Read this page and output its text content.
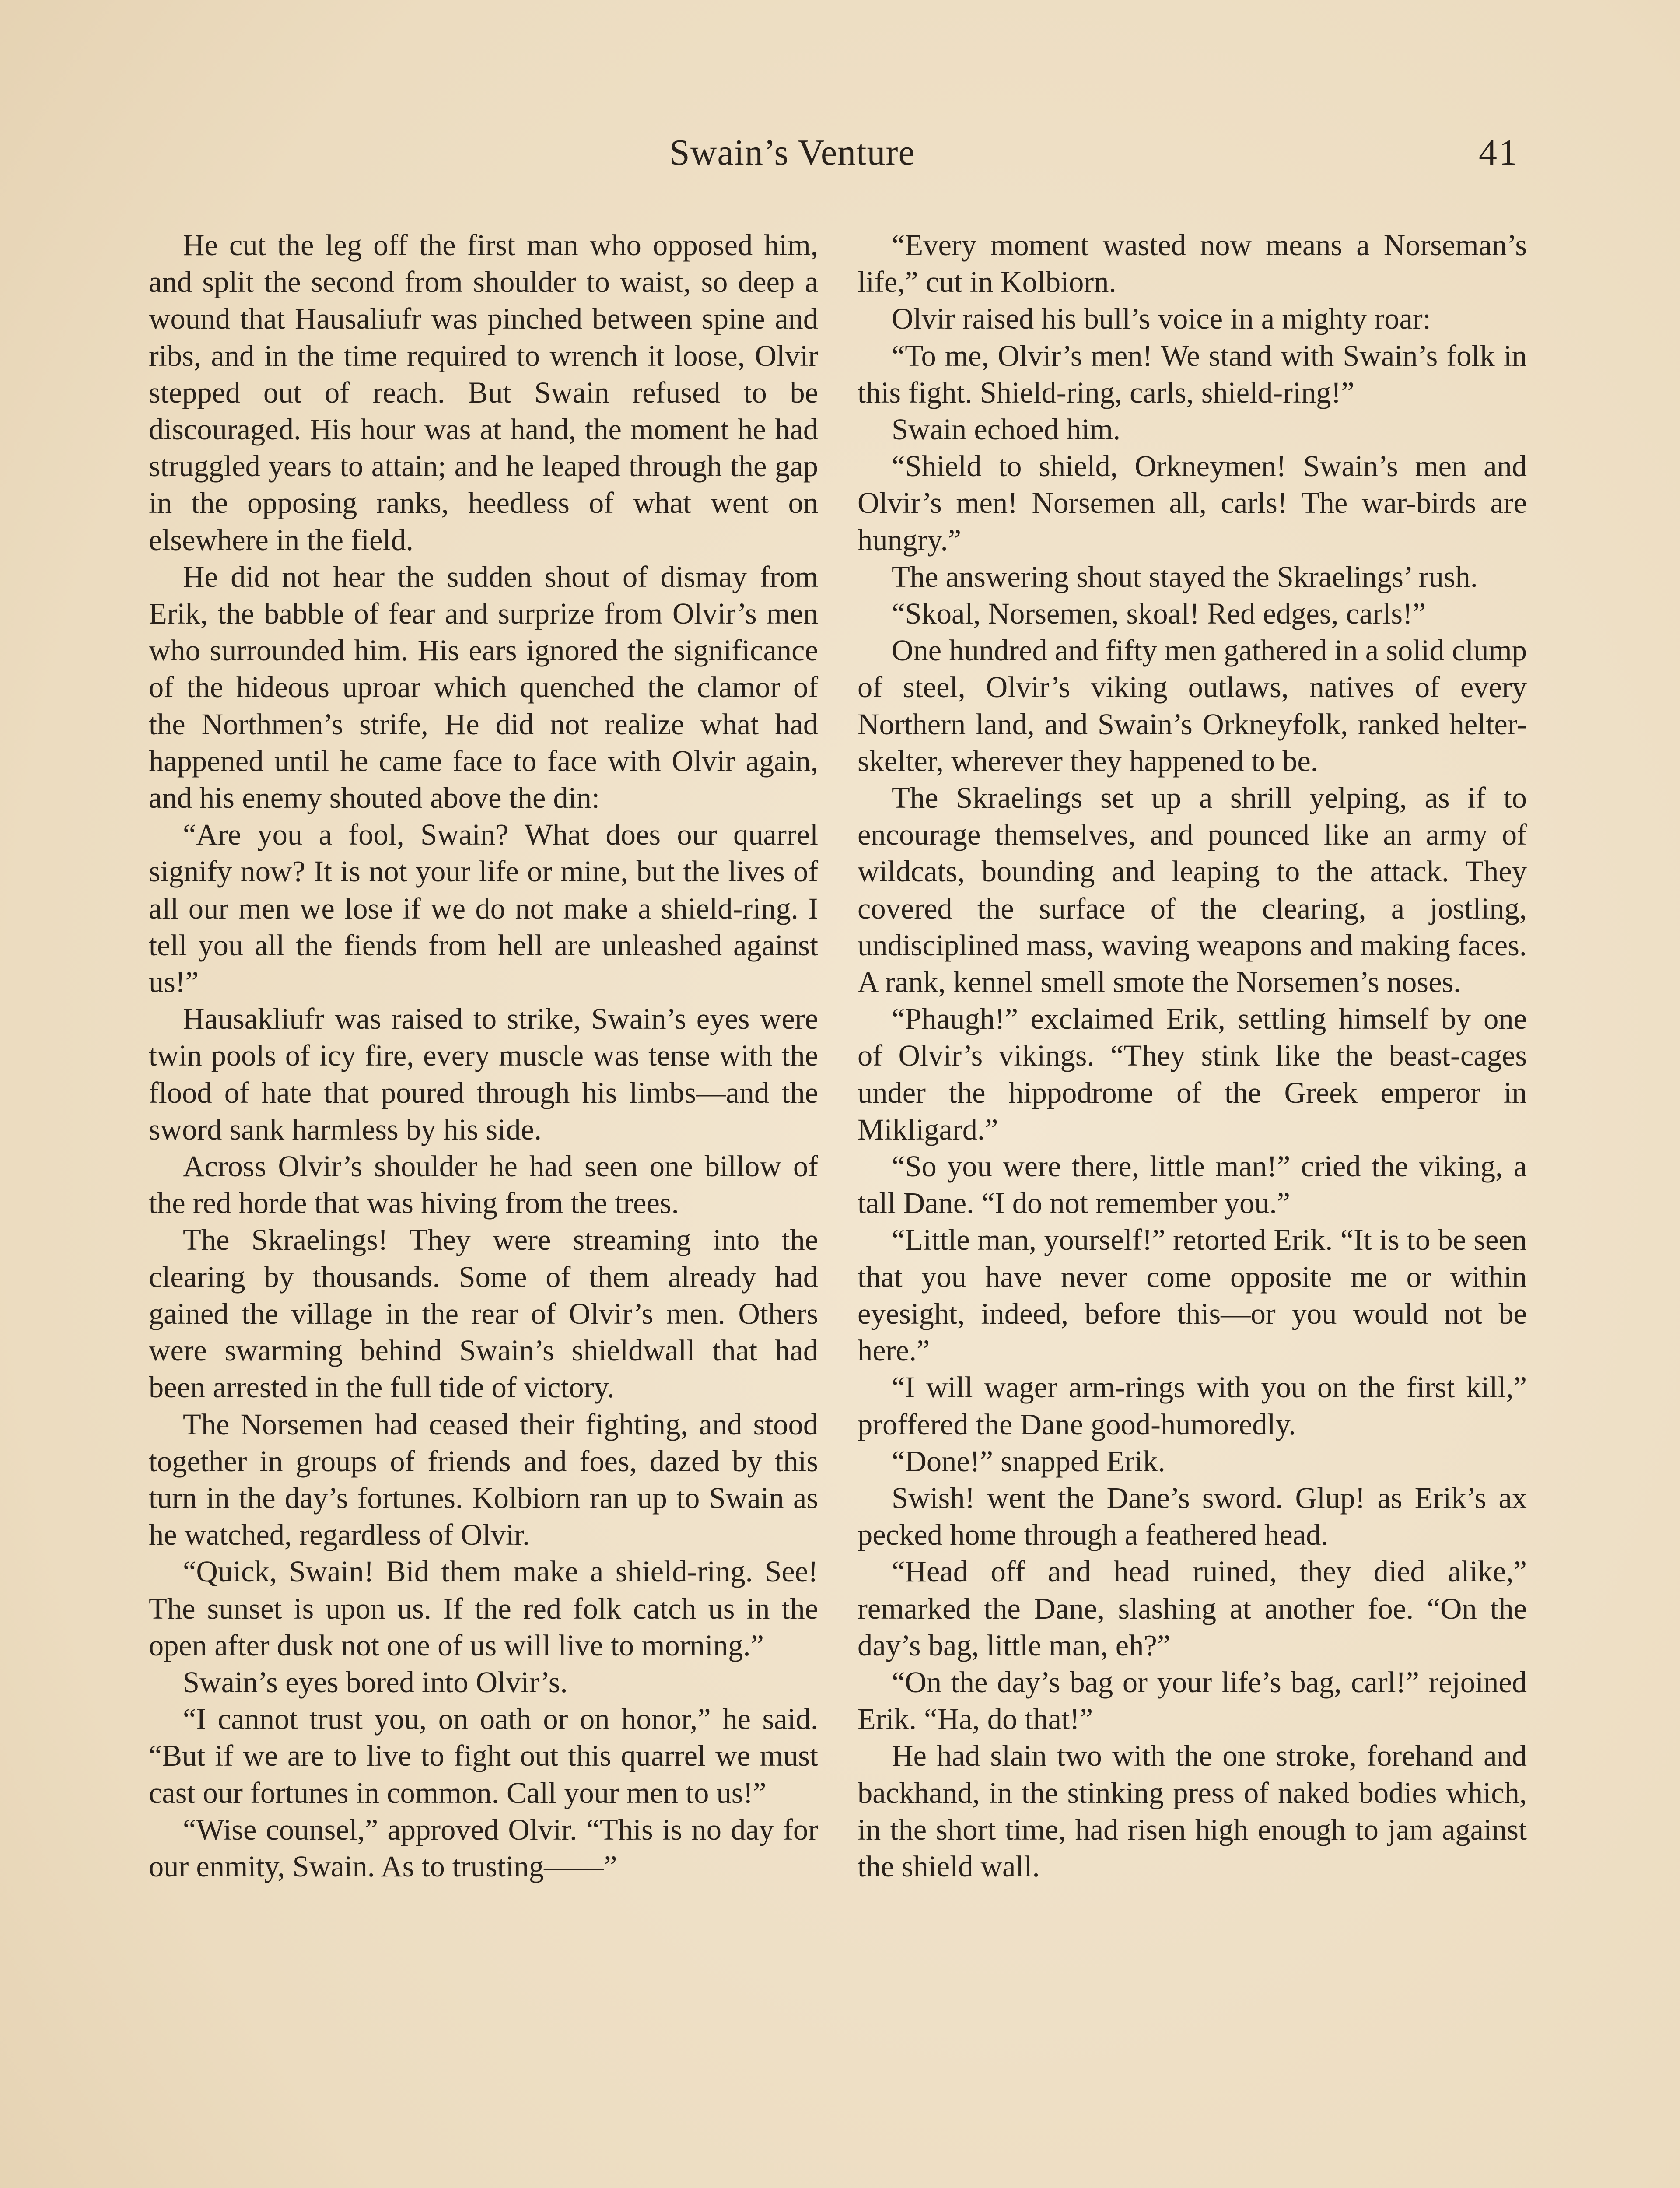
Swain’s Venture	41

He cut the leg off the first man who opposed him, and split the second from shoulder to waist, so deep a wound that Hausaliufr was pinched between spine and ribs, and in the time required to wrench it loose, Olvir stepped out of reach. But Swain refused to be discouraged. His hour was at hand, the moment he had struggled years to attain; and he leaped through the gap in the opposing ranks, heedless of what went on elsewhere in the field.

He did not hear the sudden shout of dismay from Erik, the babble of fear and surprize from Olvir’s men who surrounded him. His ears ignored the significance of the hideous uproar which quenched the clamor of the Northmen’s strife, He did not realize what had happened until he came face to face with Olvir again, and his enemy shouted above the din:

“Are you a fool, Swain? What does our quarrel signify now? It is not your life or mine, but the lives of all our men we lose if we do not make a shield-ring. I tell you all the fiends from hell are unleashed against us!”

Hausakliufr was raised to strike, Swain’s eyes were twin pools of icy fire, every muscle was tense with the flood of hate that poured through his limbs—and the sword sank harmless by his side.

Across Olvir’s shoulder he had seen one billow of the red horde that was hiving from the trees.

The Skraelings! They were streaming into the clearing by thousands. Some of them already had gained the village in the rear of Olvir’s men. Others were swarming behind Swain’s shieldwall that had been arrested in the full tide of victory.

The Norsemen had ceased their fighting, and stood together in groups of friends and foes, dazed by this turn in the day’s fortunes. Kolbiorn ran up to Swain as he watched, regardless of Olvir.

“Quick, Swain! Bid them make a shield-ring. See! The sunset is upon us. If the red folk catch us in the open after dusk not one of us will live to morning.”

Swain’s eyes bored into Olvir’s.

“I cannot trust you, on oath or on honor,” he said. “But if we are to live to fight out this quarrel we must cast our fortunes in common. Call your men to us!”

“Wise counsel,” approved Olvir. “This is no day for our enmity, Swain. As to trusting——”

“Every moment wasted now means a Norseman’s life,” cut in Kolbiorn.

Olvir raised his bull’s voice in a mighty roar:

“To me, Olvir’s men! We stand with Swain’s folk in this fight. Shield-ring, carls, shield-ring!”

Swain echoed him.

“Shield to shield, Orkneymen! Swain’s men and Olvir’s men! Norsemen all, carls! The war-birds are hungry.”

The answering shout stayed the Skraelings’ rush.

“Skoal, Norsemen, skoal! Red edges, carls!”

One hundred and fifty men gathered in a solid clump of steel, Olvir’s viking outlaws, natives of every Northern land, and Swain’s Orkneyfolk, ranked helter-skelter, wherever they happened to be.

The Skraelings set up a shrill yelping, as if to encourage themselves, and pounced like an army of wildcats, bounding and leaping to the attack. They covered the surface of the clearing, a jostling, undisciplined mass, waving weapons and making faces. A rank, kennel smell smote the Norsemen’s noses.

“Phaugh!” exclaimed Erik, settling himself by one of Olvir’s vikings. “They stink like the beast-cages under the hippodrome of the Greek emperor in Mikligard.”

“So you were there, little man!” cried the viking, a tall Dane. “I do not remember you.”

“Little man, yourself!” retorted Erik. “It is to be seen that you have never come opposite me or within eyesight, indeed, before this—or you would not be here.”

“I will wager arm-rings with you on the first kill,” proffered the Dane good-humoredly.

“Done!” snapped Erik.

Swish! went the Dane’s sword. Glup! as Erik’s ax pecked home through a feathered head.

“Head off and head ruined, they died alike,” remarked the Dane, slashing at another foe. “On the day’s bag, little man, eh?”

“On the day’s bag or your life’s bag, carl!” rejoined Erik. “Ha, do that!”

He had slain two with the one stroke, forehand and backhand, in the stinking press of naked bodies which, in the short time, had risen high enough to jam against the shield wall.
